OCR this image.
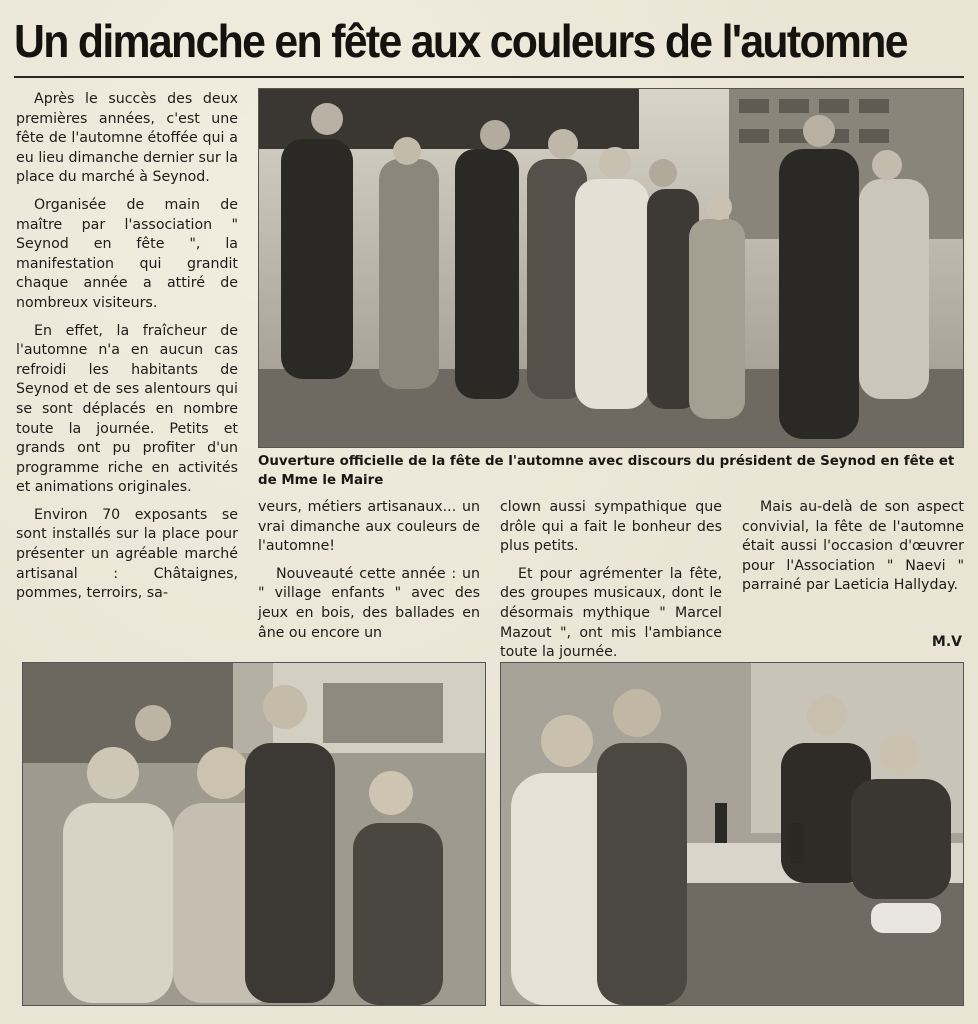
Un dimanche en fête aux couleurs de l'automne

Après le succès des deux premières années, c'est une fête de l'automne étoffée qui a eu lieu dimanche dernier sur la place du marché à Seynod.

Organisée de main de maître par l'association " Seynod en fête ", la manifestation qui grandit chaque année a attiré de nombreux visiteurs.

En effet, la fraîcheur de l'automne n'a en aucun cas refroidi les habitants de Seynod et de ses alentours qui se sont déplacés en nombre toute la journée. Petits et grands ont pu profiter d'un programme riche en activités et animations originales.

Environ 70 exposants se sont installés sur la place pour présenter un agréable marché artisanal : Châtaignes, pommes, terroirs, sa-

Ouverture officielle de la fête de l'automne avec discours du président de Seynod en fête et de Mme le Maire

veurs, métiers artisanaux... un vrai dimanche aux couleurs de l'automne!

Nouveauté cette année : un " village enfants " avec des jeux en bois, des ballades en âne ou encore un

clown aussi sympathique que drôle qui a fait le bonheur des plus petits.

Et pour agrémenter la fête, des groupes musicaux, dont le désormais mythique " Marcel Mazout ", ont mis l'ambiance toute la journée.

Mais au-delà de son aspect convivial, la fête de l'automne était aussi l'occasion d'œuvrer pour l'Association " Naevi " parrainé par Laeticia Hallyday.

M.V
